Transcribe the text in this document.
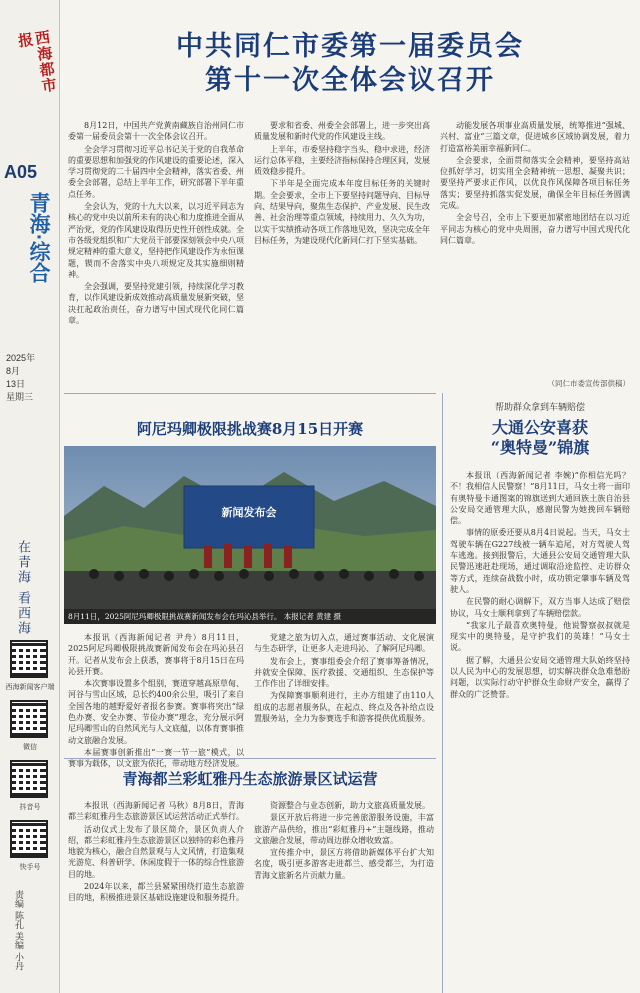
西海都市报
A05
青海·综合
2025年
8月
13日
星期三
在青海 看西海
西海新闻客户端
微信
抖音号
快手号
责编 陈孔 美编 小丹
中共同仁市委第一届委员会
第十一次全体会议召开

8月12日，中国共产党黄南藏族自治州同仁市委第一届委员会第十一次全体会议召开。

全会学习贯彻习近平总书记关于党的自我革命的重要思想和加强党的作风建设的重要论述，深入学习贯彻党的二十届四中全会精神，落实省委、州委全会部署，总结上半年工作，研究部署下半年重点任务。

全会认为，党的十九大以来，以习近平同志为核心的党中央以前所未有的决心和力度推进全面从严治党，党的作风建设取得历史性开创性成就。全市各级党组织和广大党员干部要深刻领会中央八项规定精神的重大意义，坚持把作风建设作为永恒课题，锲而不舍落实中央八项规定及其实施细则精神。

全会强调，要坚持党建引领，持续深化学习教育，以作风建设新成效推动高质量发展新突破，坚决扛起政治责任，奋力谱写中国式现代化同仁篇章。

要求和省委、州委全会部署上，进一步突出高质量发展和新时代党的作风建设主线。

上半年，市委坚持稳字当头、稳中求进，经济运行总体平稳，主要经济指标保持合理区间，发展质效稳步提升。

下半年是全面完成本年度目标任务的关键时期。全会要求，全市上下要坚持问题导向、目标导向、结果导向，聚焦生态保护、产业发展、民生改善、社会治理等重点领域，持续用力、久久为功，以实干实绩推动各项工作落地见效，坚决完成全年目标任务，为建设现代化新同仁打下坚实基础。

动能发展各项事业高质量发展，统筹推进“强城、兴村、富业”三篇文章，促进城乡区域协调发展，着力打造富裕美丽幸福新同仁。

全会要求，全面贯彻落实全会精神，要坚持高站位抓好学习，切实用全会精神统一思想、凝聚共识；要坚持严要求正作风，以优良作风保障各项目标任务落实；要坚持抓落实促发展，确保全年目标任务圆满完成。

全会号召，全市上下要更加紧密地团结在以习近平同志为核心的党中央周围，奋力谱写中国式现代化同仁篇章。

（同仁市委宣传部供稿）
阿尼玛卿极限挑战赛8月15日开赛
新闻发布会
8月11日，2025阿尼玛卿极限挑战赛新闻发布会在玛沁县举行。 本报记者 黄建 摄

本报讯（西海新闻记者 尹舟）8月11日，2025阿尼玛卿极限挑战赛新闻发布会在玛沁县召开。记者从发布会上获悉，赛事将于8月15日在玛沁县开赛。

本次赛事设置多个组别，赛道穿越高原草甸、河谷与雪山区域，总长约400余公里，吸引了来自全国各地的越野爱好者报名参赛。赛事将突出“绿色办赛、安全办赛、节俭办赛”理念，充分展示阿尼玛卿雪山的自然风光与人文底蕴，以体育赛事推动文旅融合发展。

本届赛事创新推出“一赛一节一旅”模式，以赛事为载体，以文旅为依托，带动地方经济发展。

党建之旅为切入点，通过赛事活动、文化展演与生态研学，让更多人走进玛沁、了解阿尼玛卿。

发布会上，赛事组委会介绍了赛事筹备情况，并就安全保障、医疗救援、交通组织、生态保护等工作作出了详细安排。

为保障赛事顺利进行，主办方组建了由110人组成的志愿者服务队，在起点、终点及各补给点设置服务站，全力为参赛选手和游客提供优质服务。

青海都兰彩虹雅丹生态旅游景区试运营

本报讯（西海新闻记者 马秋）8月8日，青海都兰彩虹雅丹生态旅游景区试运营活动正式举行。

活动仪式上发布了景区简介，景区负责人介绍，都兰彩虹雅丹生态旅游景区以独特的彩色雅丹地貌为核心，融合自然景观与人文风情，打造集观光游览、科普研学、休闲度假于一体的综合性旅游目的地。

2024年以来，都兰县紧紧围绕打造生态旅游目的地，积极推进景区基础设施建设和服务提升。

资源整合与业态创新，助力文旅高质量发展。

景区开放后将进一步完善旅游服务设施，丰富旅游产品供给，推出“彩虹雅丹+”主题线路，推动文旅融合发展，带动周边群众增收致富。

宣传推介中，景区方将借助新媒体平台扩大知名度，吸引更多游客走进都兰、感受都兰，为打造青海文旅新名片贡献力量。

帮助群众拿到车辆赔偿
大通公安喜获
“奥特曼”锦旗

本报讯（西海新闻记者 李婉)“你相信光吗？不！我相信人民警察！”8月11日，马女士将一面印有奥特曼卡通图案的锦旗送到大通回族土族自治县公安局交通管理大队，感谢民警为她挽回车辆赔偿。

事情的原委还要从8月4日说起。当天，马女士驾驶车辆在G227线被一辆车追尾，对方驾驶人驾车逃逸。接到报警后，大通县公安局交通管理大队民警迅速赶赴现场，通过调取沿途监控、走访群众等方式，连续奋战数小时，成功锁定肇事车辆及驾驶人。

在民警的耐心调解下，双方当事人达成了赔偿协议，马女士顺利拿到了车辆赔偿款。

“我家儿子最喜欢奥特曼，他说警察叔叔就是现实中的奥特曼，是守护我们的英雄！”马女士说。

据了解，大通县公安局交通管理大队始终坚持以人民为中心的发展思想，切实解决群众急难愁盼问题，以实际行动守护群众生命财产安全，赢得了群众的广泛赞誉。
